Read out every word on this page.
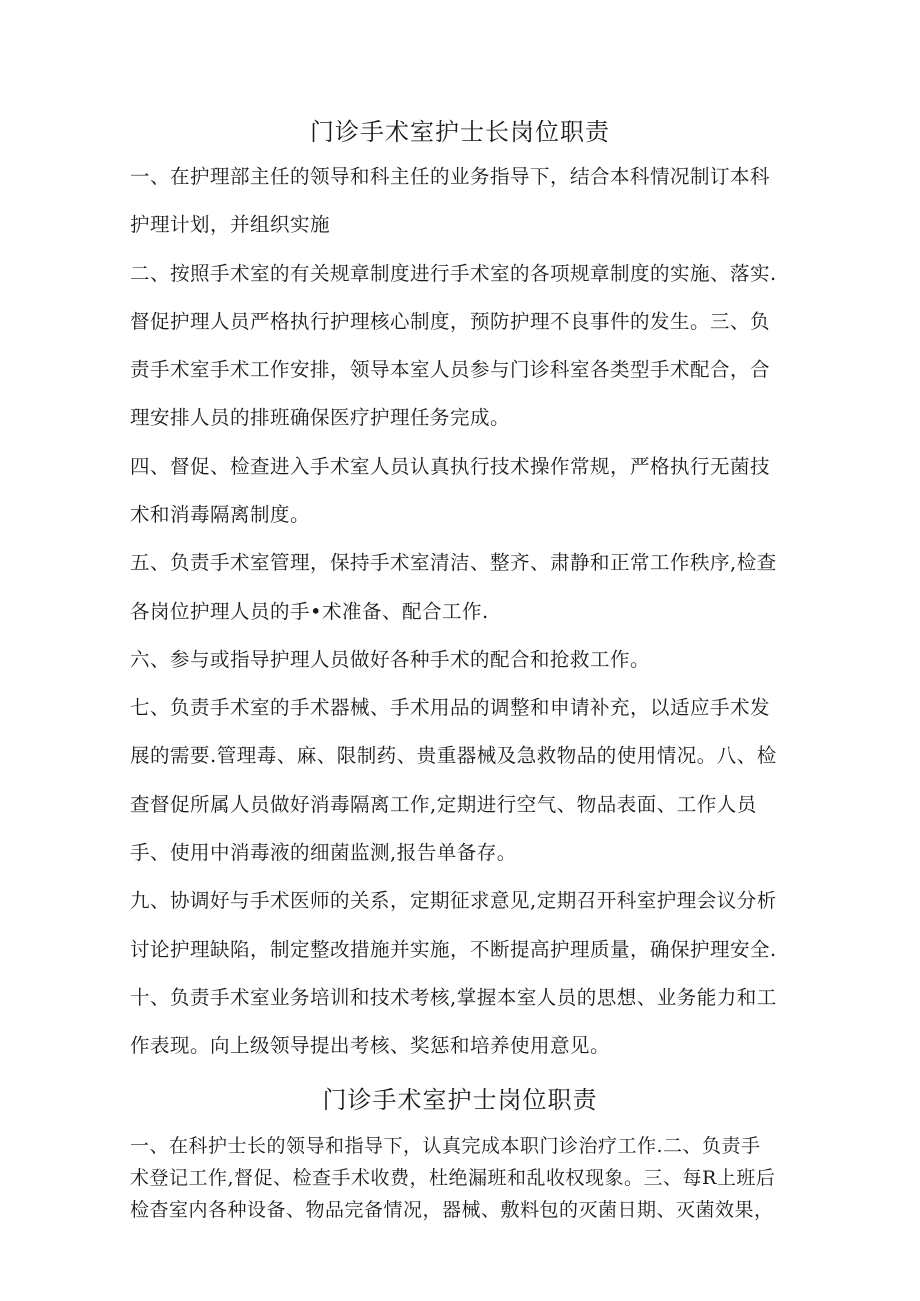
门诊手术室护士长岗位职责
一、在护理部主任的领导和科主任的业务指导下，结合本科情况制订本科
护理计划，并组织实施
二、按照手术室的有关规章制度进行手术室的各项规章制度的实施、落实.
督促护理人员严格执行护理核心制度，预防护理不良事件的发生。三、负
责手术室手术工作安排，领导本室人员参与门诊科室各类型手术配合，合
理安排人员的排班确保医疗护理任务完成。
四、督促、检查进入手术室人员认真执行技术操作常规，严格执行无菌技
术和消毒隔离制度。
五、负责手术室管理，保持手术室清洁、整齐、肃静和正常工作秩序,检查
各岗位护理人员的手•术准备、配合工作.
六、参与或指导护理人员做好各种手术的配合和抢救工作。
七、负责手术室的手术器械、手术用品的调整和申请补充，以适应手术发
展的需要.管理毒、麻、限制药、贵重器械及急救物品的使用情况。八、检
查督促所属人员做好消毒隔离工作,定期进行空气、物品表面、工作人员
手、使用中消毒液的细菌监测,报告单备存。
九、协调好与手术医师的关系，定期征求意见,定期召开科室护理会议分析
讨论护理缺陷，制定整改措施并实施，不断提高护理质量，确保护理安全.
十、负责手术室业务培训和技术考核,掌握本室人员的思想、业务能力和工
作表现。向上级领导提出考核、奖惩和培养使用意见。
门诊手术室护士岗位职责
一、在科护士长的领导和指导下，认真完成本职门诊治疗工作.二、负责手
术登记工作,督促、检查手术收费，杜绝漏班和乱收权现象。三、每R上班后
检杳室内各种设备、物品完备情况，器械、敷料包的灭菌日期、灭菌效果，
